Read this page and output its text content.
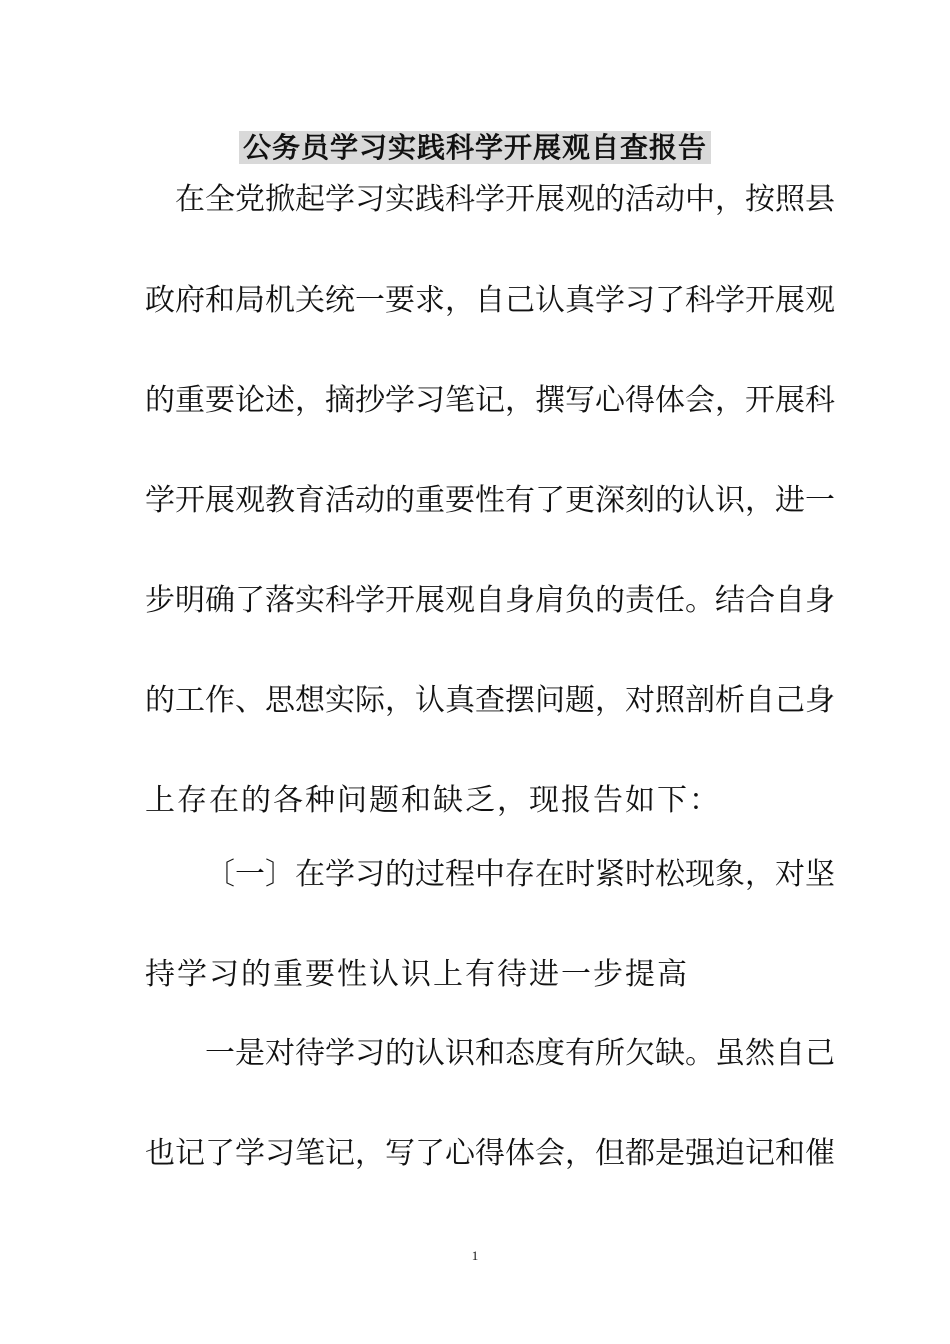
公务员学习实践科学开展观自查报告
在全党掀起学习实践科学开展观的活动中，按照县
政府和局机关统一要求，自己认真学习了科学开展观
的重要论述，摘抄学习笔记，撰写心得体会，开展科
学开展观教育活动的重要性有了更深刻的认识，进一
步明确了落实科学开展观自身肩负的责任。结合自身
的工作、思想实际，认真查摆问题，对照剖析自己身
上存在的各种问题和缺乏，现报告如下：
〔一〕在学习的过程中存在时紧时松现象，对坚
持学习的重要性认识上有待进一步提高
一是对待学习的认识和态度有所欠缺。虽然自己
也记了学习笔记，写了心得体会，但都是强迫记和催
1
